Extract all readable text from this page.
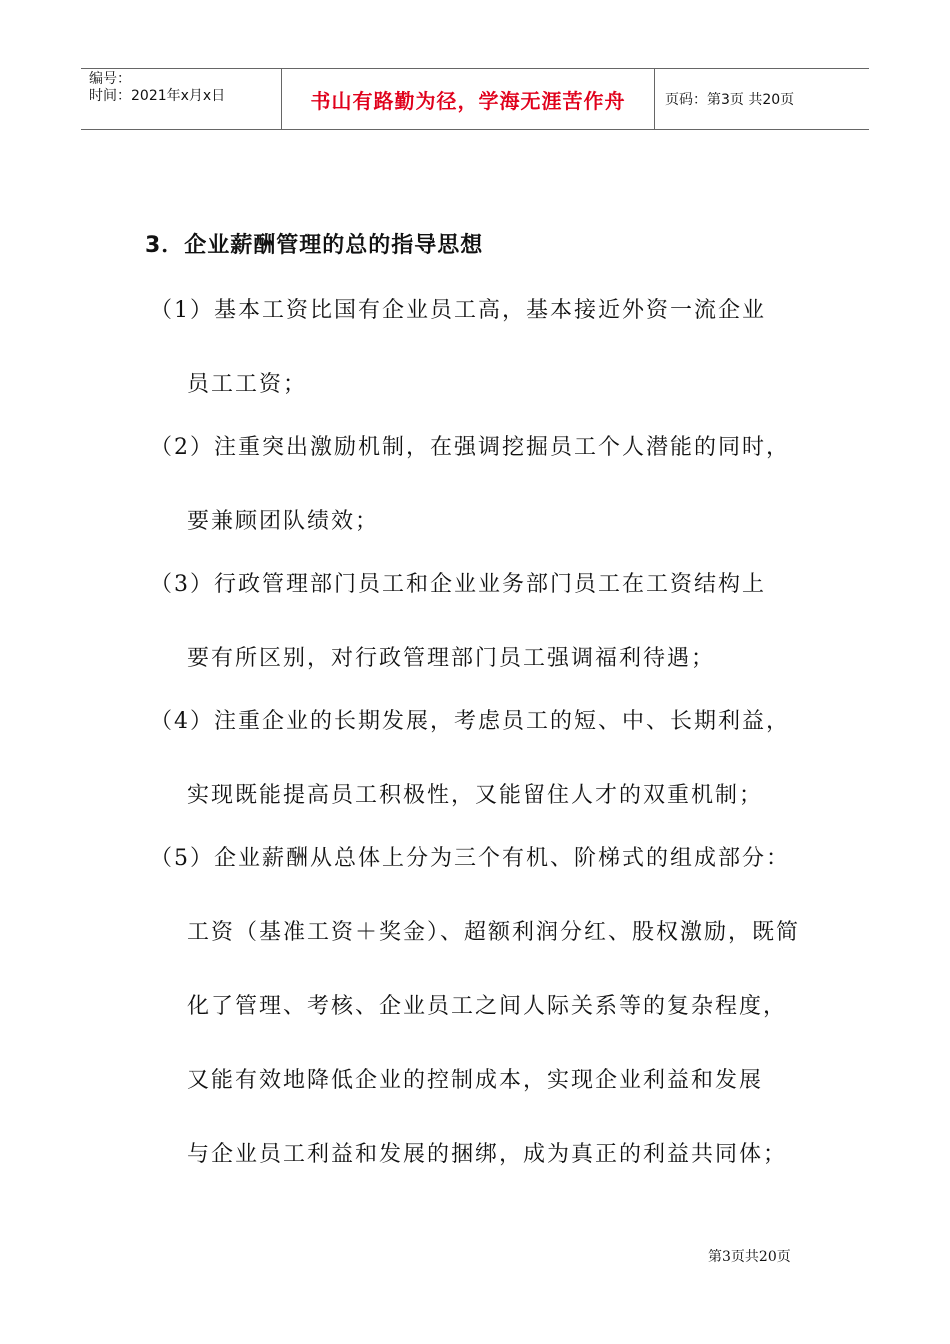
编号：
时间：2021年x月x日	书山有路勤为径，学海无涯苦作舟	页码：第3页 共20页
3．企业薪酬管理的总的指导思想
（1）基本工资比国有企业员工高，基本接近外资一流企业
员工工资；
（2）注重突出激励机制，在强调挖掘员工个人潜能的同时，
要兼顾团队绩效；
（3）行政管理部门员工和企业业务部门员工在工资结构上
要有所区别，对行政管理部门员工强调福利待遇；
（4）注重企业的长期发展，考虑员工的短、中、长期利益，
实现既能提高员工积极性，又能留住人才的双重机制；
（5）企业薪酬从总体上分为三个有机、阶梯式的组成部分：
工资（基准工资＋奖金）、超额利润分红、股权激励，既简
化了管理、考核、企业员工之间人际关系等的复杂程度，
又能有效地降低企业的控制成本，实现企业利益和发展
与企业员工利益和发展的捆绑，成为真正的利益共同体；
第3页共20页
